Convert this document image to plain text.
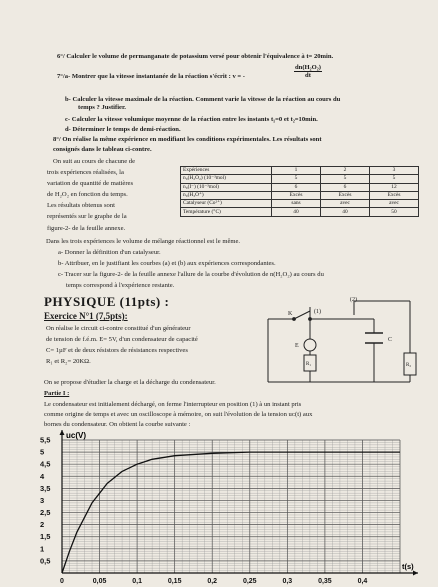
6°/ Calculer le volume de permanganate de potassium versé pour obtenir l'équivalence à t= 20min.
7°/a- Montrer que la vitesse instantanée de la réaction s'écrit : v = -	$\frac{\text{dn(H₂O₂)}}{dt}$
b- Calculer la vitesse maximale de la réaction. Comment varie la vitesse de la réaction au cours du
temps ? Justifier.
c- Calculer la vitesse volumique moyenne de la réaction entre les instants t₁=0 et t₂=10min.
d- Déterminer le temps de demi-réaction.
8°/ On réalise la même expérience en modifiant les conditions expérimentales. Les résultats sont
consignés dans le tableau ci-contre.
On suit au cours de chacune de
trois expériences réalisées, la
variation de quantité de matières
de H₂O₂ en fonction du temps.
Les résultats obtenus sont
représentés sur le graphe de la
figure-2- de la feuille annexe.
Expériences	1	2	3
n₀(H₂O₂) (10⁻³mol)	5	5	5
n₀(I⁻) (10⁻³mol)	6	6	12
n₀(H₃O⁺)	Excès	Excès	Excès
Catalyseur (Co²⁺)	sans	avec	avec
Température (°C)	40	40	50
Dans les trois expériences le volume de mélange réactionnel est le même.
a- Donner la définition d'un catalyseur.
b- Attribuer, en le justifiant les courbes (a) et (b) aux expériences correspondantes.
c- Tracer sur la figure-2- de la feuille annexe l'allure de la courbe d'évolution de n(H₂O₂) au cours du
temps correspond à l'expérience restante.
PHYSIQUE (11pts) :
Exercice N°1 (7,5pts):
On réalise le circuit ci-contre constitué d'un générateur
de tension de f.é.m. E= 5V, d'un condensateur de capacité
C= 1µF et de deux résistors de résistances respectives
R₁ et R₂= 20KΩ.
K	(1)
(2)
E
C
R₁	R₂
On se propose d'étudier la charge et la décharge du condensateur.
Partie I :
Le condensateur est initialement déchargé, on ferme l'interrupteur en position (1) à un instant pris
comme origine de temps et avec un oscilloscope à mémoire, on suit l'évolution de la tension uᴄ(t) aux
bornes du condensateur. On obtient la courbe suivante :
0	0,05	0,1	0,15	0,2	0,25	0,3	0,35	0,4
0,5
1
1,5
2
2,5
3
3,5
4
4,5
5
5,5 uᴄ(V)
t(s)
